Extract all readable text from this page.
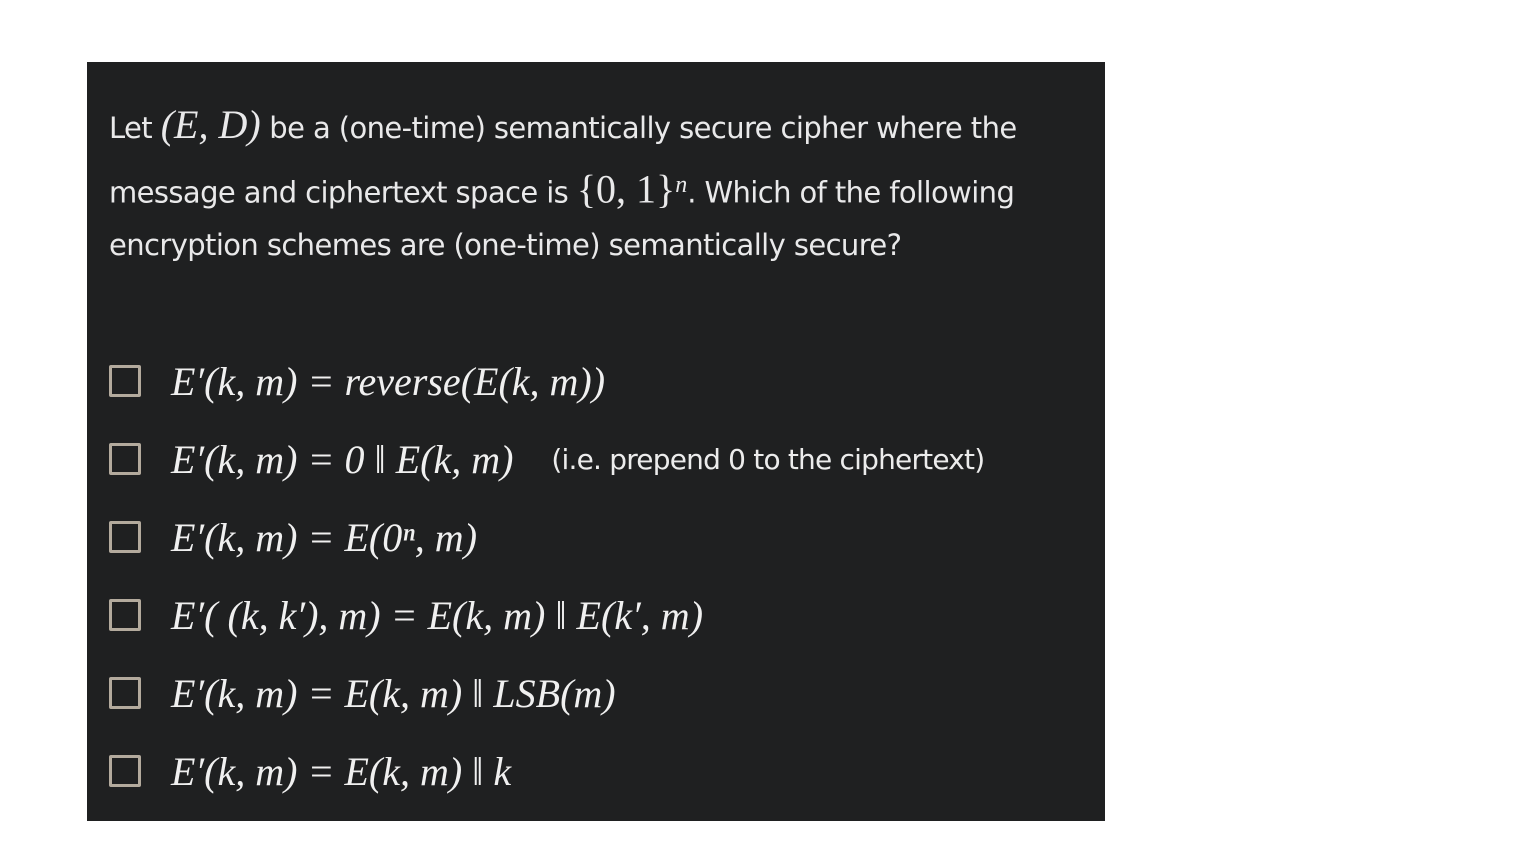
Let (E, D) be a (one-time) semantically secure cipher where the
message and ciphertext space is {0, 1}$^n$. Which of the following
encryption schemes are (one-time) semantically secure?
E′(k, m) = reverse(E(k, m))
E′(k, m) = 0 ‖ E(k, m) (i.e. prepend 0 to the ciphertext)
E′(k, m) = E(0ⁿ, m)
E′( (k, k′), m) = E(k, m) ‖ E(k′, m)
E′(k, m) = E(k, m) ‖ LSB(m)
E′(k, m) = E(k, m) ‖ k
